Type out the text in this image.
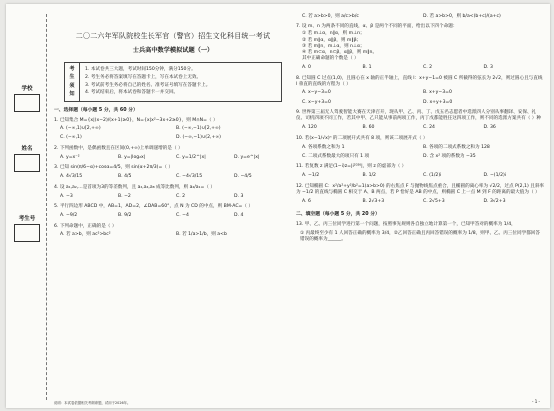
学校
姓名
考生号
二〇二六年军队院校生长军官（警官）招生文化科目统一考试
士兵高中数学模拟试题（一）
考
生
须
知
1. 本试卷共三大题，考试时间150分钟，满分150分。
2. 考生务必将答案填写在答题卡上，写在本试卷上无效。
3. 考试前考生务必将自己的姓名、准考证号填写在答题卡上。
4. 考试结束后，将本试卷和答题卡一并交回。
一、选择题（每小题 5 分，共 60 分）
1. 已知集合 M={x|(x−2)/(x+1)≥0}，N={x|x²−3x+2≥0}，则 M∩N=（ ）
A. (−∞,1)∪[2,+∞)	B. (−∞,−1)∪[2,+∞)
C. (−∞,1)	D. (−∞,−1)∪(2,+∞)
2. 下列函数中，是偶函数且在区间(0,+∞)上单调递增的是（ ）
A. y=x⁻²	B. y=|log₂x|	C. y=1/2^|x|	D. y=e^|x|
3. 已知 sin(π/6−α)+cosα=4/5，则 sin(α+2π/3)=（ ）
A. 4√3/15	B. 4/5	C. −4√3/15	D. −4/5
4. 设 a₁,a₂,…是首项为3的等差数列，且 a₂,a₄,a₈ 成等比数列，则 a₄/a₁=（ ）
A. −3	B. −2	C. 2	D. 3
5. 平行四边形 ABCD 中，AB=1，AD=2，∠DAB=60°，点 N 为 CD 的中点，则 BM·AC=（ ）
A. −9/2	B. 9/2	C. −4	D. 4
6. 下列命题中，正确的是（ ）
A. 若 a>b，则 ac²>bc²	B. 若 1/a>1/b，则 a<b
C. 若 a>b>0，则 a/c>b/c	D. 若 a>b>0，则 b/a<(b+c)/(a+c)
7. 设 m、n 为两条不同的直线，α、β 是两个不同的平面，给出以下四个命题：
① 若 m⊥α，n∥α，则 m⊥n；
② 若 m∥α，α∥β，则 m∥β；
③ 若 m∥n，m⊥α，则 n⊥α；
④ 若 m⊂α，n⊂β，α∥β，则 m∥n。
其中正确命题的个数是（ ）
A. 0	B. 1	C. 2	D. 3
8. 已知圆 C 过点(1,0)，且圆心在 x 轴的正半轴上，直线 l：x+y−1=0 被圆 C 所截得的弦长为 2√2，则过圆心且与直线 l 垂直的直线的方程为（ ）
A. x−y−3=0	B. x+y−3=0
C. x−y+3=0	D. x+y+3=0
9. 世界第三届无人驾驶智能大赛在天津召开，现从甲、乙、丙、丁、戊五名志愿者中选派四人分别从事翻译、安保、礼仪、司机四项不同工作，若其中甲、乙只能从事前两项工作，丙丁戊都能胜任这四项工作，则不同的选派方案共有（ ）种
A. 120	B. 60	C. 24	D. 36
10. 若(x−1/√x)ⁿ 的二项展开式共有 8 项，则该二项展开式（ ）
A. 各项系数之和为 1	B. 各项的二项式系数之和为 128
C. 二项式系数最大的项只有 1 项	D. 含 x² 项的系数为 −35
11. 若复数 z 满足(1−i)z=|i²⁰²⁶|，则 z 的虚部为（ ）
A. −1/2	B. 1/2	C. (1/2)i	D. −(1/2)i
12. 已知椭圆 C：x²/a²+y²/b²=1(a>b>0) 的右焦点 F 与抛物线焦点重合，且椭圆的离心率为 √2/2，过点 P(2,1) 且斜率为 −1/2 的直线与椭圆 C 相交于 A、B 两点，若 P 恰好是 AB 的中点，则椭圆 C 上一点 M 到 F 的距离的最大值为（ ）
A. 6	B. 2√3+3	C. 2√5+3	D. 3√2+3
二、填空题（每小题 5 分，共 20 分）
13. 甲、乙、丙三位同学进行第一个问题，按照事先规则各自独立地计算第一个，已知甲答对的概率为 1/4，
① 丙最终至少有 1 人回答正确的概率为 3/4，②乙回答正确且丙回答错误的概率为 1/8，则甲、乙、丙三位同学都回答错误的概率为______。
说明：本试卷依据相关考纲命题，试用于2026年。	- 1 -
